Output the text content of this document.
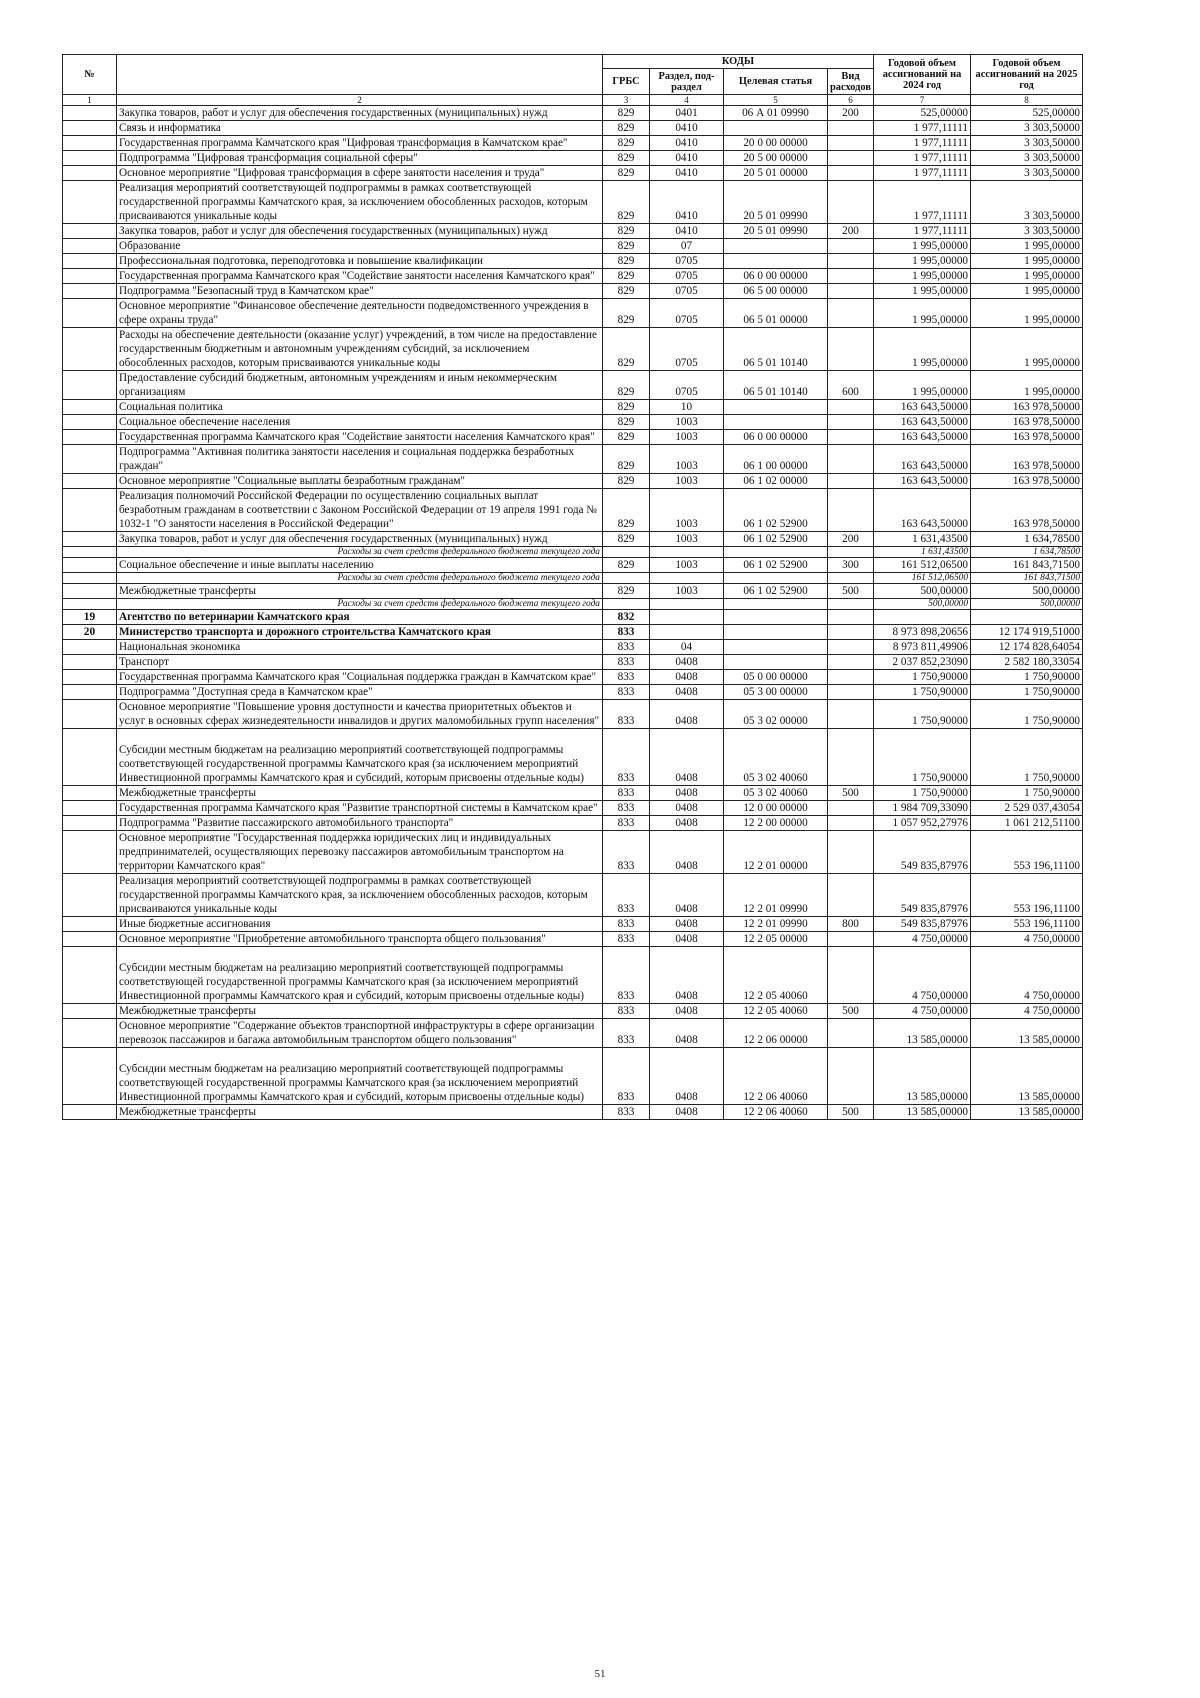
№		КОДЫ				Годовой объем ассигнований на 2024 год	Годовой объем ассигнований на 2025 год
		ГРБС	Раздел, под-раздел	Целевая статья	Вид расходов		
1	2	3	4	5	6	7	8
	Закупка товаров, работ и услуг для обеспечения государственных (муниципальных) нужд	829	0401	06 А 01 09990	200	525,00000	525,00000
	Связь и информатика	829	0410			1 977,11111	3 303,50000
	Государственная программа Камчатского края "Цифровая трансформация в Камчатском крае"	829	0410	20 0 00 00000		1 977,11111	3 303,50000
	Подпрограмма "Цифровая трансформация социальной сферы"	829	0410	20 5 00 00000		1 977,11111	3 303,50000
	Основное мероприятие "Цифровая трансформация в сфере занятости населения и труда"	829	0410	20 5 01 00000		1 977,11111	3 303,50000
	Реализация мероприятий соответствующей подпрограммы в рамках соответствующей государственной программы Камчатского края, за исключением обособленных расходов, которым присваиваются уникальные коды	829	0410	20 5 01 09990		1 977,11111	3 303,50000
	Закупка товаров, работ и услуг для обеспечения государственных (муниципальных) нужд	829	0410	20 5 01 09990	200	1 977,11111	3 303,50000
	Образование	829	07			1 995,00000	1 995,00000
	Профессиональная подготовка, переподготовка и повышение квалификации	829	0705			1 995,00000	1 995,00000
	Государственная программа Камчатского края "Содействие занятости населения Камчатского края"	829	0705	06 0 00 00000		1 995,00000	1 995,00000
	Подпрограмма "Безопасный труд в Камчатском крае"	829	0705	06 5 00 00000		1 995,00000	1 995,00000
	Основное мероприятие "Финансовое обеспечение деятельности подведомственного учреждения в сфере охраны труда"	829	0705	06 5 01 00000		1 995,00000	1 995,00000
	Расходы на обеспечение деятельности (оказание услуг) учреждений, в том числе на предоставление государственным бюджетным и автономным учреждениям субсидий, за исключением обособленных расходов, которым присваиваются уникальные коды	829	0705	06 5 01 10140		1 995,00000	1 995,00000
	Предоставление субсидий бюджетным, автономным учреждениям и иным некоммерческим организациям	829	0705	06 5 01 10140	600	1 995,00000	1 995,00000
	Социальная политика	829	10			163 643,50000	163 978,50000
	Социальное обеспечение населения	829	1003			163 643,50000	163 978,50000
	Государственная программа Камчатского края "Содействие занятости населения Камчатского края"	829	1003	06 0 00 00000		163 643,50000	163 978,50000
	Подпрограмма "Активная политика занятости населения и социальная поддержка безработных граждан"	829	1003	06 1 00 00000		163 643,50000	163 978,50000
	Основное мероприятие "Социальные выплаты безработным гражданам"	829	1003	06 1 02 00000		163 643,50000	163 978,50000
	Реализация полномочий Российской Федерации по осуществлению социальных выплат безработным гражданам в соответствии с Законом Российской Федерации от 19 апреля 1991 года № 1032-1 "О занятости населения в Российской Федерации"	829	1003	06 1 02 52900		163 643,50000	163 978,50000
	Закупка товаров, работ и услуг для обеспечения государственных (муниципальных) нужд	829	1003	06 1 02 52900	200	1 631,43500	1 634,78500
	Расходы за счет средств федерального бюджета текущего года					1 631,43500	1 634,78500
	Социальное обеспечение и иные выплаты населению	829	1003	06 1 02 52900	300	161 512,06500	161 843,71500
	Расходы за счет средств федерального бюджета текущего года					161 512,06500	161 843,71500
	Межбюджетные трансферты	829	1003	06 1 02 52900	500	500,00000	500,00000
	Расходы за счет средств федерального бюджета текущего года					500,00000	500,00000
19	Агентство по ветеринарии Камчатского края	832					
20	Министерство транспорта и дорожного строительства Камчатского края	833				8 973 898,20656	12 174 919,51000
	Национальная экономика	833	04			8 973 811,49906	12 174 828,64054
	Транспорт	833	0408			2 037 852,23090	2 582 180,33054
	Государственная программа Камчатского края "Социальная поддержка граждан в Камчатском крае"	833	0408	05 0 00 00000		1 750,90000	1 750,90000
	Подпрограмма "Доступная среда в Камчатском крае"	833	0408	05 3 00 00000		1 750,90000	1 750,90000
	Основное мероприятие "Повышение уровня доступности и качества приоритетных объектов и услуг в основных сферах жизнедеятельности инвалидов и других маломобильных групп населения"	833	0408	05 3 02 00000		1 750,90000	1 750,90000
	Субсидии местным бюджетам на реализацию мероприятий соответствующей подпрограммы соответствующей государственной программы Камчатского края (за исключением мероприятий Инвестиционной программы Камчатского края и субсидий, которым присвоены отдельные коды)	833	0408	05 3 02 40060		1 750,90000	1 750,90000
	Межбюджетные трансферты	833	0408	05 3 02 40060	500	1 750,90000	1 750,90000
	Государственная программа Камчатского края "Развитие транспортной системы в Камчатском крае"	833	0408	12 0 00 00000		1 984 709,33090	2 529 037,43054
	Подпрограмма "Развитие пассажирского автомобильного транспорта"	833	0408	12 2 00 00000		1 057 952,27976	1 061 212,51100
	Основное мероприятие "Государственная поддержка юридических лиц и индивидуальных предпринимателей, осуществляющих перевозку пассажиров автомобильным транспортом на территории Камчатского края"	833	0408	12 2 01 00000		549 835,87976	553 196,11100
	Реализация мероприятий соответствующей подпрограммы в рамках соответствующей государственной программы Камчатского края, за исключением обособленных расходов, которым присваиваются уникальные коды	833	0408	12 2 01 09990		549 835,87976	553 196,11100
	Иные бюджетные ассигнования	833	0408	12 2 01 09990	800	549 835,87976	553 196,11100
	Основное мероприятие "Приобретение автомобильного транспорта общего пользования"	833	0408	12 2 05 00000		4 750,00000	4 750,00000
	Субсидии местным бюджетам на реализацию мероприятий соответствующей подпрограммы соответствующей государственной программы Камчатского края (за исключением мероприятий Инвестиционной программы Камчатского края и субсидий, которым присвоены отдельные коды)	833	0408	12 2 05 40060		4 750,00000	4 750,00000
	Межбюджетные трансферты	833	0408	12 2 05 40060	500	4 750,00000	4 750,00000
	Основное мероприятие "Содержание объектов транспортной инфраструктуры в сфере организации перевозок пассажиров и багажа автомобильным транспортом общего пользования"	833	0408	12 2 06 00000		13 585,00000	13 585,00000
	Субсидии местным бюджетам на реализацию мероприятий соответствующей подпрограммы соответствующей государственной программы Камчатского края (за исключением мероприятий Инвестиционной программы Камчатского края и субсидий, которым присвоены отдельные коды)	833	0408	12 2 06 40060		13 585,00000	13 585,00000
	Межбюджетные трансферты	833	0408	12 2 06 40060	500	13 585,00000	13 585,00000
51
